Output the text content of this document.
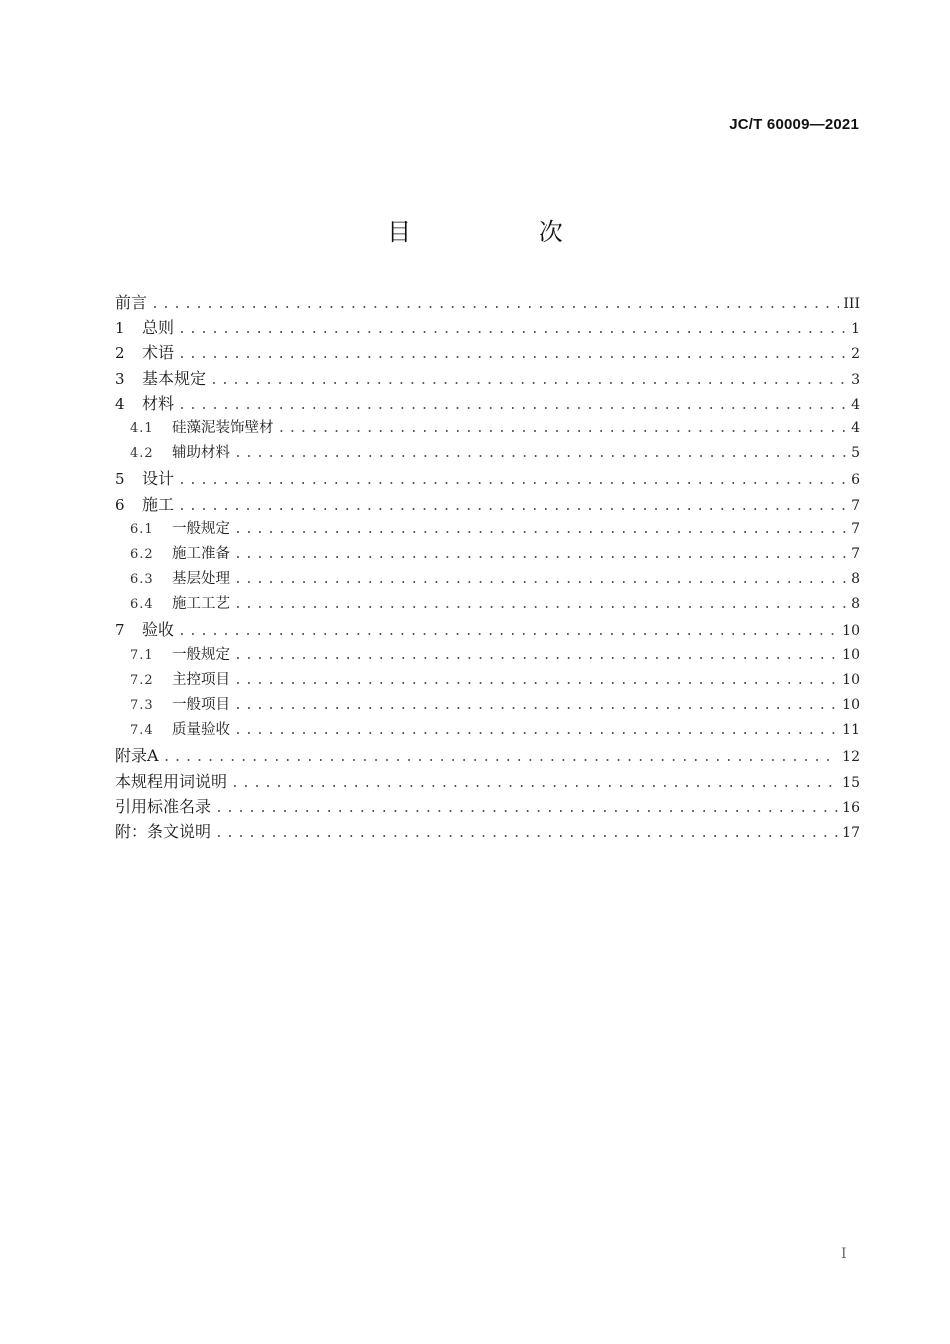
JC/T 60009—2021
目 次
前言 .....	III
1	总则 .....	1
2	术语 .....	2
3	基本规定 .....	3
4	材料 .....	4
4.1	硅藻泥装饰壁材 .....	4
4.2	辅助材料 .....	5
5	设计 .....	6
6	施工 .....	7
6.1	一般规定 .....	7
6.2	施工准备 .....	7
6.3	基层处理 .....	8
6.4	施工工艺 .....	8
7	验收 .....	10
7.1	一般规定 .....	10
7.2	主控项目 .....	10
7.3	一般项目 .....	10
7.4	质量验收 .....	11
附录A .....	12
本规程用词说明 .....	15
引用标准名录 .....	16
附：条文说明 .....	17
I
